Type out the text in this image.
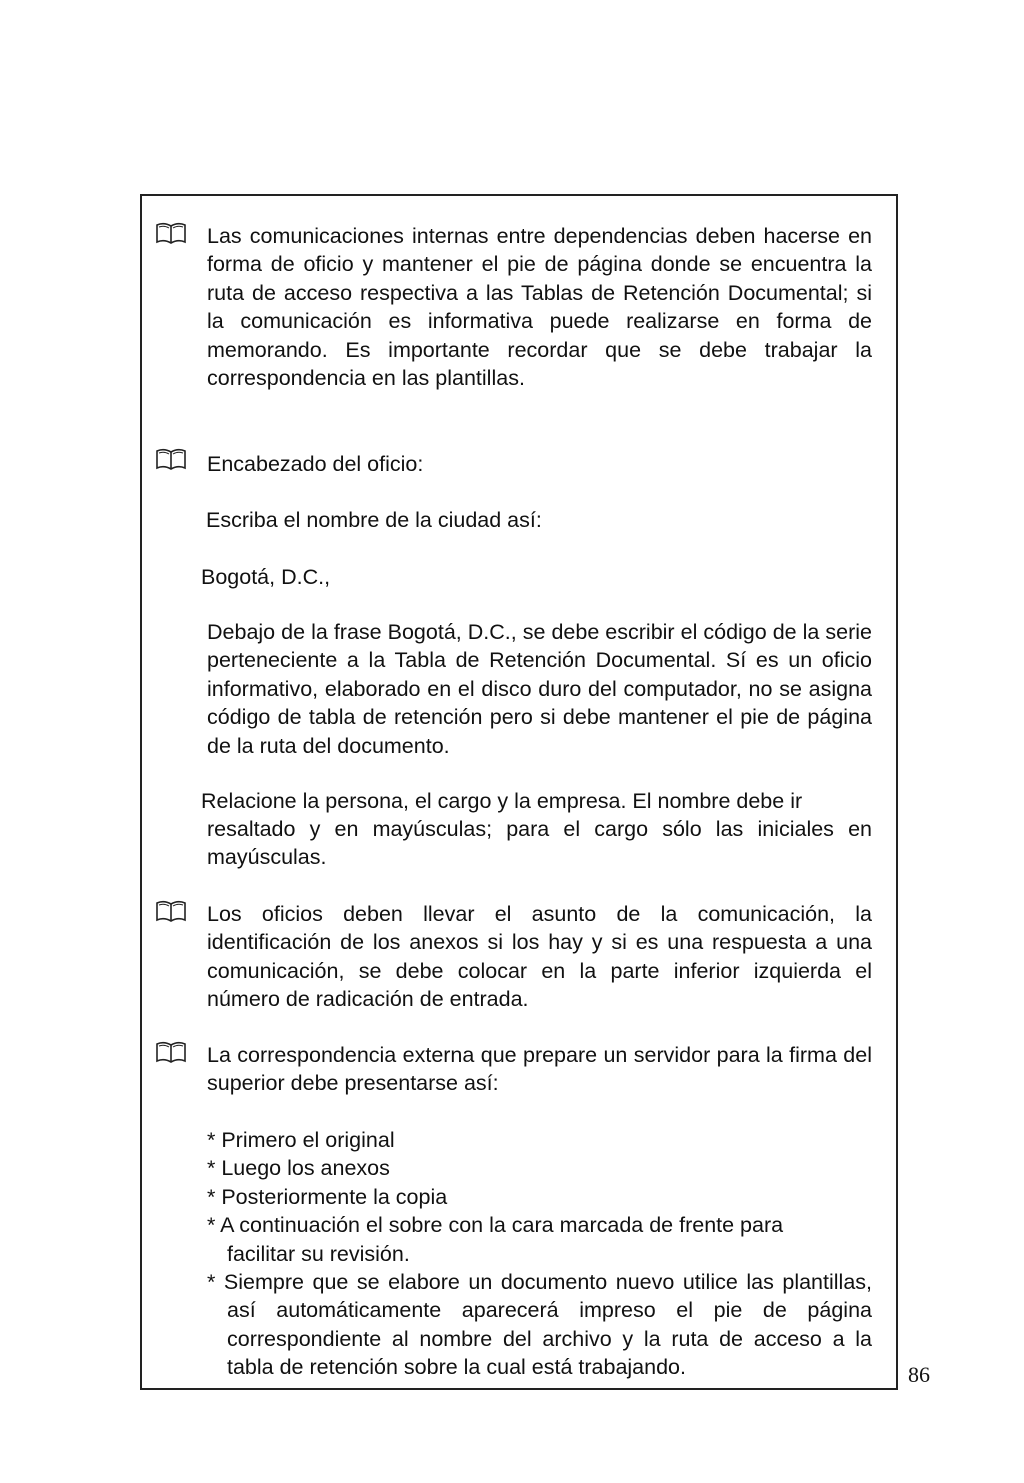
Las comunicaciones internas entre dependencias deben hacerse en forma de oficio y mantener el pie de página donde se encuentra la ruta de acceso respectiva a las Tablas de Retención Documental; si la comunicación es informativa puede realizarse en forma de memorando. Es importante recordar que se debe trabajar la correspondencia en las plantillas.

Encabezado del oficio:

Escriba el nombre de la ciudad así:

Bogotá, D.C.,

Debajo de la frase Bogotá, D.C., se debe escribir el código de la serie perteneciente a la Tabla de Retención Documental. Sí es un oficio informativo, elaborado en el disco duro del computador, no se asigna código de tabla de retención pero si debe mantener el pie de página de la ruta del documento.

Relacione la persona, el cargo y la empresa. El nombre debe ir

resaltado y en mayúsculas; para el cargo sólo las iniciales en mayúsculas.

Los oficios deben llevar el asunto de la comunicación, la identificación de los anexos si los hay y si es una respuesta a una comunicación, se debe colocar en la parte inferior izquierda el número de radicación de entrada.

La correspondencia externa que prepare un servidor para la firma del superior debe presentarse así:

* Primero el original
* Luego los anexos
* Posteriormente la copia
* A continuación el sobre con la cara marcada de frente para facilitar su revisión.
* Siempre que se elabore un documento nuevo utilice las plantillas, así automáticamente aparecerá impreso el pie de página correspondiente al nombre del archivo y la ruta de acceso a la tabla de retención sobre la cual está trabajando.	86
